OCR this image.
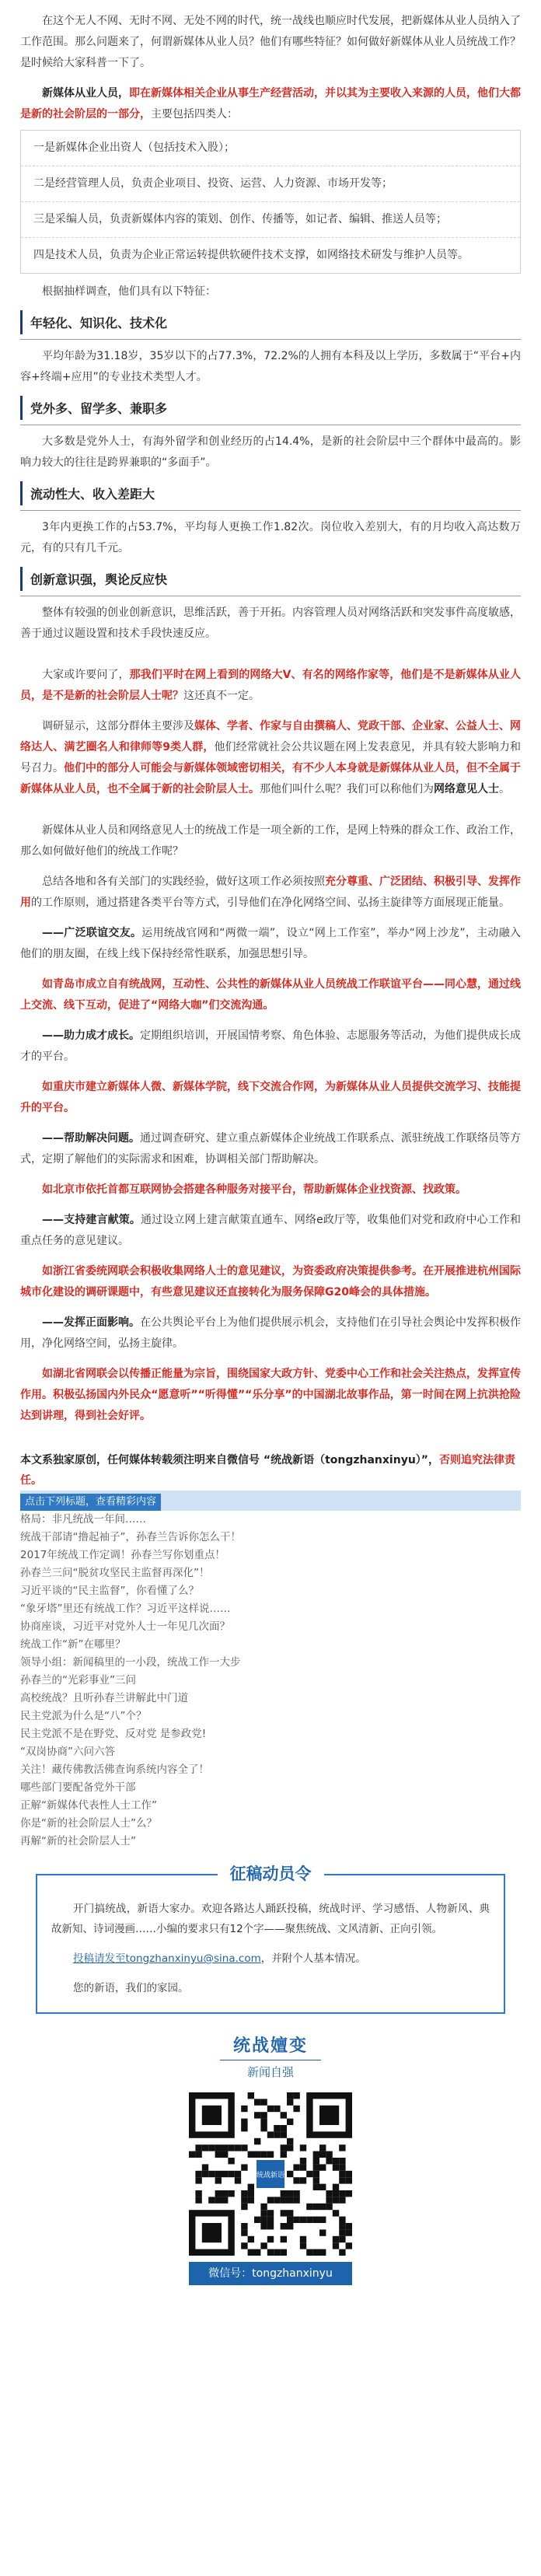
在这个无人不网、无时不网、无处不网的时代，统一战线也顺应时代发展，把新媒体从业人员纳入了工作范围。那么问题来了，何谓新媒体从业人员？他们有哪些特征？如何做好新媒体从业人员统战工作？是时候给大家科普一下了。

新媒体从业人员，即在新媒体相关企业从事生产经营活动，并以其为主要收入来源的人员，他们大都是新的社会阶层的一部分，主要包括四类人：

一是新媒体企业出资人（包括技术入股）；
二是经营管理人员，负责企业项目、投资、运营、人力资源、市场开发等；
三是采编人员，负责新媒体内容的策划、创作、传播等，如记者、编辑、推送人员等；
四是技术人员，负责为企业正常运转提供软硬件技术支撑，如网络技术研发与维护人员等。

根据抽样调查，他们具有以下特征：

年轻化、知识化、技术化

平均年龄为31.18岁，35岁以下的占77.3%，72.2%的人拥有本科及以上学历，多数属于“平台+内容+终端+应用”的专业技术类型人才。

党外多、留学多、兼职多

大多数是党外人士，有海外留学和创业经历的占14.4%，是新的社会阶层中三个群体中最高的。影响力较大的往往是跨界兼职的“多面手”。

流动性大、收入差距大

3年内更换工作的占53.7%，平均每人更换工作1.82次。岗位收入差别大，有的月均收入高达数万元，有的只有几千元。

创新意识强，舆论反应快

整体有较强的创业创新意识，思维活跃，善于开拓。内容管理人员对网络活跃和突发事件高度敏感，善于通过议题设置和技术手段快速反应。

大家或许要问了，那我们平时在网上看到的网络大V、有名的网络作家等，他们是不是新媒体从业人员，是不是新的社会阶层人士呢？这还真不一定。

调研显示，这部分群体主要涉及媒体、学者、作家与自由撰稿人、党政干部、企业家、公益人士、网络达人、满艺圈名人和律师等9类人群，他们经常就社会公共议题在网上发表意见，并具有较大影响力和号召力。他们中的部分人可能会与新媒体领域密切相关，有不少人本身就是新媒体从业人员，但不全属于新媒体从业人员，也不全属于新的社会阶层人士。那他们叫什么呢？我们可以称他们为网络意见人士。

新媒体从业人员和网络意见人士的统战工作是一项全新的工作，是网上特殊的群众工作、政治工作，那么如何做好他们的统战工作呢？

总结各地和各有关部门的实践经验，做好这项工作必须按照充分尊重、广泛团结、积极引导、发挥作用的工作原则，通过搭建各类平台等方式，引导他们在净化网络空间、弘扬主旋律等方面展现正能量。

——广泛联谊交友。运用统战官网和“两微一端”，设立“网上工作室”，举办“网上沙龙”，主动融入他们的朋友圈，在线上线下保持经常性联系，加强思想引导。

如青岛市成立自有统战网，互动性、公共性的新媒体从业人员统战工作联谊平台——同心慧，通过线上交流、线下互动，促进了“网络大咖”们交流沟通。

——助力成才成长。定期组织培训，开展国情考察、角色体验、志愿服务等活动，为他们提供成长成才的平台。

如重庆市建立新媒体人微、新媒体学院，线下交流合作网，为新媒体从业人员提供交流学习、技能提升的平台。

——帮助解决问题。通过调查研究、建立重点新媒体企业统战工作联系点、派驻统战工作联络员等方式，定期了解他们的实际需求和困难，协调相关部门帮助解决。

如北京市依托首都互联网协会搭建各种服务对接平台，帮助新媒体企业找资源、找政策。

——支持建言献策。通过设立网上建言献策直通车、网络e政厅等，收集他们对党和政府中心工作和重点任务的意见建议。

如浙江省委统网联会积极收集网络人士的意见建议，为资委政府决策提供参考。在开展推进杭州国际城市化建设的调研课题中，有些意见建议还直接转化为服务保障G20峰会的具体措施。

——发挥正面影响。在公共舆论平台上为他们提供展示机会，支持他们在引导社会舆论中发挥积极作用，净化网络空间，弘扬主旋律。

如湖北省网联会以传播正能量为宗旨，围绕国家大政方针、党委中心工作和社会关注热点，发挥宣传作用。积极弘扬国内外民众“愿意听”“听得懂”“乐分享”的中国湖北故事作品，第一时间在网上抗洪抢险达到讲理，得到社会好评。

本文系独家原创，任何媒体转载须注明来自微信号 “统战新语（tongzhanxinyu）”，否则追究法律责任。
点击下列标题，查看精彩内容
格局：非凡统战一年间……
统战干部请“撸起袖子”，孙春兰告诉你怎么干！
2017年统战工作定调！孙春兰写你划重点！
孙春兰三问“脱贫攻坚民主监督再深化”！
习近平谈的“民主监督”，你看懂了么？
“象牙塔”里还有统战工作？习近平这样说……
协商座谈，习近平对党外人士一年见几次面？
统战工作“新”在哪里？
领导小组：新闻稿里的一小段，统战工作一大步
孙春兰的“光彩事业”三问
高校统战？且听孙春兰讲解此中门道
民主党派为什么是“八”个？
民主党派不是在野党、反对党 是参政党!
“双岗协商”六问六答
关注！藏传佛教活佛查询系统内容全了！
哪些部门要配备党外干部
正解“新媒体代表性人士工作”
你是“新的社会阶层人士”么？
再解“新的社会阶层人士”
征稿动员令

开门搞统战，新语大家办。欢迎各路达人踊跃投稿，统战时评、学习感悟、人物新风、典故新知、诗词漫画……小编的要求只有12个字——聚焦统战、文风清新、正向引领。

投稿请发至tongzhanxinyu@sina.com，并附个人基本情况。

您的新语，我们的家园。

统战嬗变
新闻自强
统战新语
微信号：tongzhanxinyu
